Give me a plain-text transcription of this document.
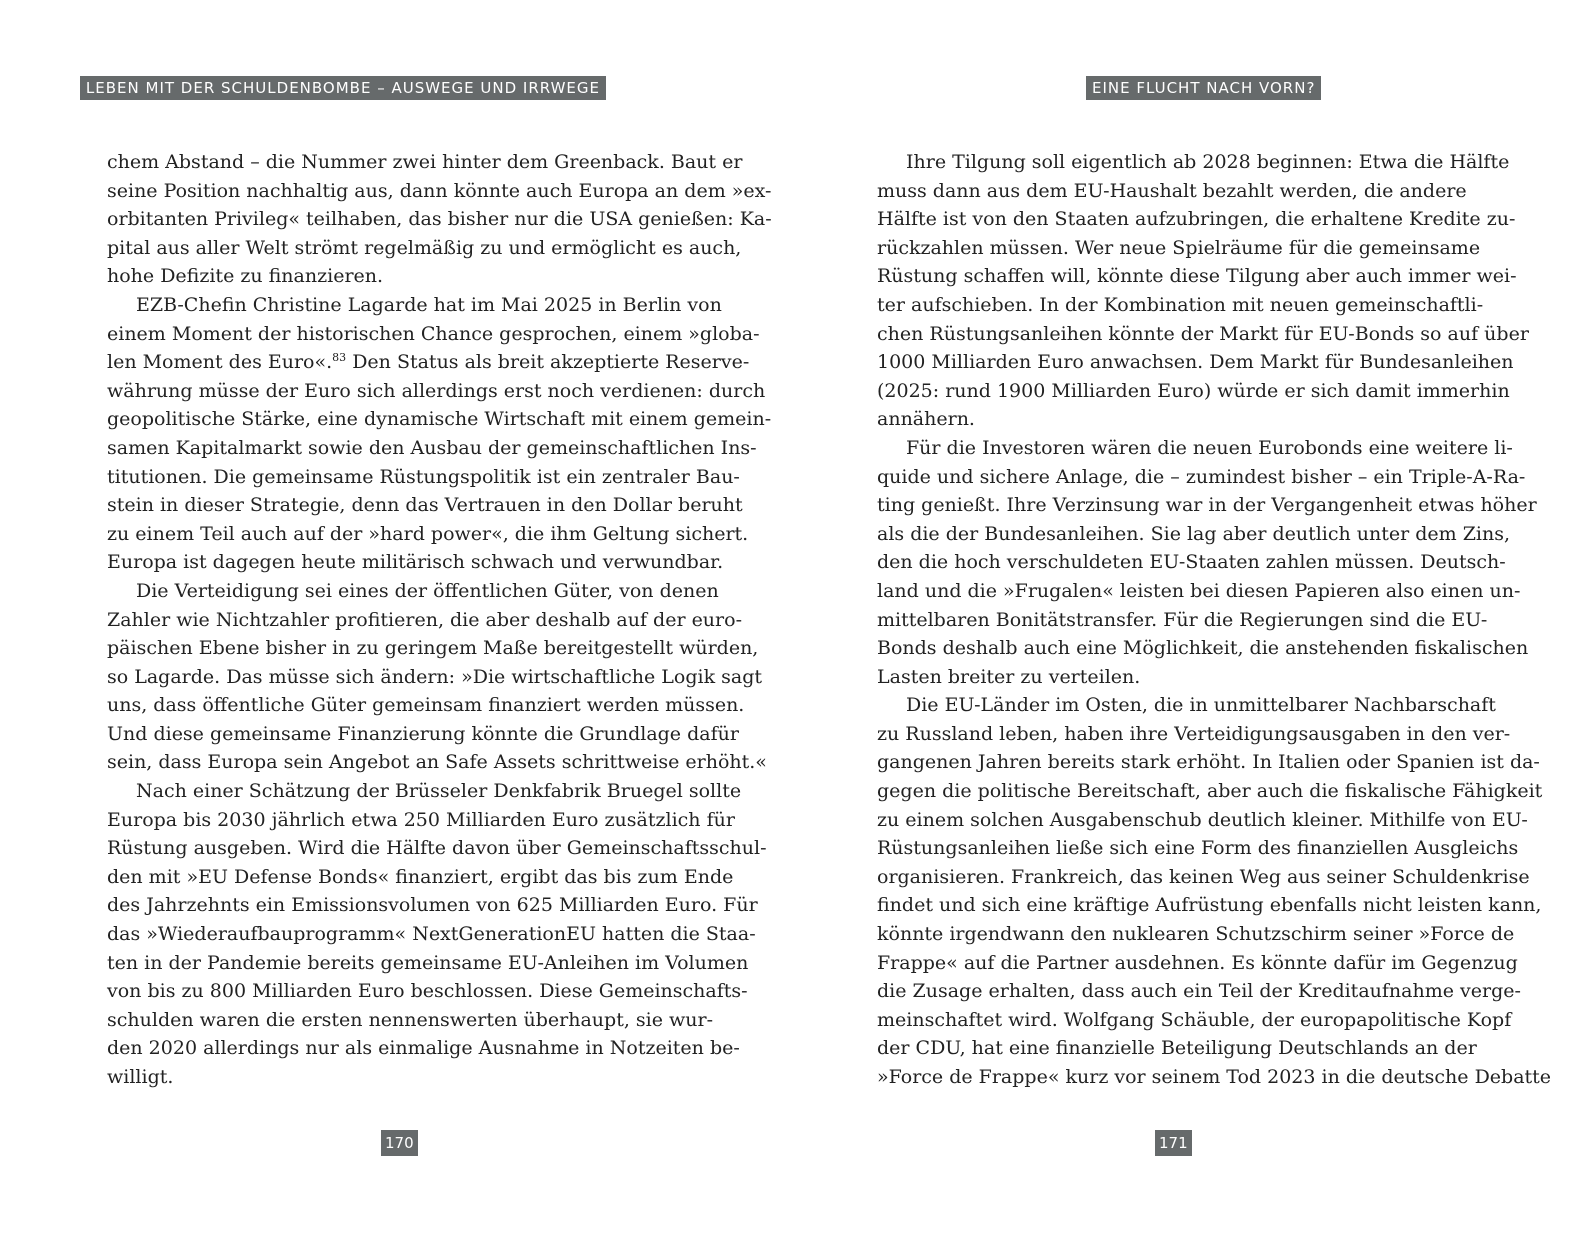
LEBEN MIT DER SCHULDENBOMBE – AUSWEGE UND IRRWEGE
chem Abstand – die Nummer zwei hinter dem Greenback. Baut er
seine Position nachhaltig aus, dann könnte auch Europa an dem »ex-
orbitanten Privileg« teilhaben, das bisher nur die USA genießen: Ka-
pital aus aller Welt strömt regelmäßig zu und ermöglicht es auch,
hohe Defizite zu finanzieren.
EZB-Chefin Christine Lagarde hat im Mai 2025 in Berlin von
einem Moment der historischen Chance gesprochen, einem »globa-
len Moment des Euro«.$^{83}$ Den Status als breit akzeptierte Reserve-
währung müsse der Euro sich allerdings erst noch verdienen: durch
geopolitische Stärke, eine dynamische Wirtschaft mit einem gemein-
samen Kapitalmarkt sowie den Ausbau der gemeinschaftlichen Ins-
titutionen. Die gemeinsame Rüstungspolitik ist ein zentraler Bau-
stein in dieser Strategie, denn das Vertrauen in den Dollar beruht
zu einem Teil auch auf der »hard power«, die ihm Geltung sichert.
Europa ist dagegen heute militärisch schwach und verwundbar.
Die Verteidigung sei eines der öffentlichen Güter, von denen
Zahler wie Nichtzahler profitieren, die aber deshalb auf der euro-
päischen Ebene bisher in zu geringem Maße bereitgestellt würden,
so Lagarde. Das müsse sich ändern: »Die wirtschaftliche Logik sagt
uns, dass öffentliche Güter gemeinsam finanziert werden müssen.
Und diese gemeinsame Finanzierung könnte die Grundlage dafür
sein, dass Europa sein Angebot an Safe Assets schrittweise erhöht.«
Nach einer Schätzung der Brüsseler Denkfabrik Bruegel sollte
Europa bis 2030 jährlich etwa 250 Milliarden Euro zusätzlich für
Rüstung ausgeben. Wird die Hälfte davon über Gemeinschaftsschul-
den mit »EU Defense Bonds« finanziert, ergibt das bis zum Ende
des Jahrzehnts ein Emissionsvolumen von 625 Milliarden Euro. Für
das »Wiederaufbauprogramm« NextGenerationEU hatten die Staa-
ten in der Pandemie bereits gemeinsame EU-Anleihen im Volumen
von bis zu 800 Milliarden Euro beschlossen. Diese Gemeinschafts-
schulden waren die ersten nennenswerten überhaupt, sie wur-
den 2020 allerdings nur als einmalige Ausnahme in Notzeiten be-
willigt.
170
EINE FLUCHT NACH VORN?
Ihre Tilgung soll eigentlich ab 2028 beginnen: Etwa die Hälfte
muss dann aus dem EU-Haushalt bezahlt werden, die andere
Hälfte ist von den Staaten aufzubringen, die erhaltene Kredite zu-
rückzahlen müssen. Wer neue Spielräume für die gemeinsame
Rüstung schaffen will, könnte diese Tilgung aber auch immer wei-
ter aufschieben. In der Kombination mit neuen gemeinschaftli-
chen Rüstungsanleihen könnte der Markt für EU-Bonds so auf über
1000 Milliarden Euro anwachsen. Dem Markt für Bundesanleihen
(2025: rund 1900 Milliarden Euro) würde er sich damit immerhin
annähern.
Für die Investoren wären die neuen Eurobonds eine weitere li-
quide und sichere Anlage, die – zumindest bisher – ein Triple-A-Ra-
ting genießt. Ihre Verzinsung war in der Vergangenheit etwas höher
als die der Bundesanleihen. Sie lag aber deutlich unter dem Zins,
den die hoch verschuldeten EU-Staaten zahlen müssen. Deutsch-
land und die »Frugalen« leisten bei diesen Papieren also einen un-
mittelbaren Bonitätstransfer. Für die Regierungen sind die EU-
Bonds deshalb auch eine Möglichkeit, die anstehenden fiskalischen
Lasten breiter zu verteilen.
Die EU-Länder im Osten, die in unmittelbarer Nachbarschaft
zu Russland leben, haben ihre Verteidigungsausgaben in den ver-
gangenen Jahren bereits stark erhöht. In Italien oder Spanien ist da-
gegen die politische Bereitschaft, aber auch die fiskalische Fähigkeit
zu einem solchen Ausgabenschub deutlich kleiner. Mithilfe von EU-
Rüstungsanleihen ließe sich eine Form des finanziellen Ausgleichs
organisieren. Frankreich, das keinen Weg aus seiner Schuldenkrise
findet und sich eine kräftige Aufrüstung ebenfalls nicht leisten kann,
könnte irgendwann den nuklearen Schutzschirm seiner »Force de
Frappe« auf die Partner ausdehnen. Es könnte dafür im Gegenzug
die Zusage erhalten, dass auch ein Teil der Kreditaufnahme verge-
meinschaftet wird. Wolfgang Schäuble, der europapolitische Kopf
der CDU, hat eine finanzielle Beteiligung Deutschlands an der
»Force de Frappe« kurz vor seinem Tod 2023 in die deutsche Debatte
171
